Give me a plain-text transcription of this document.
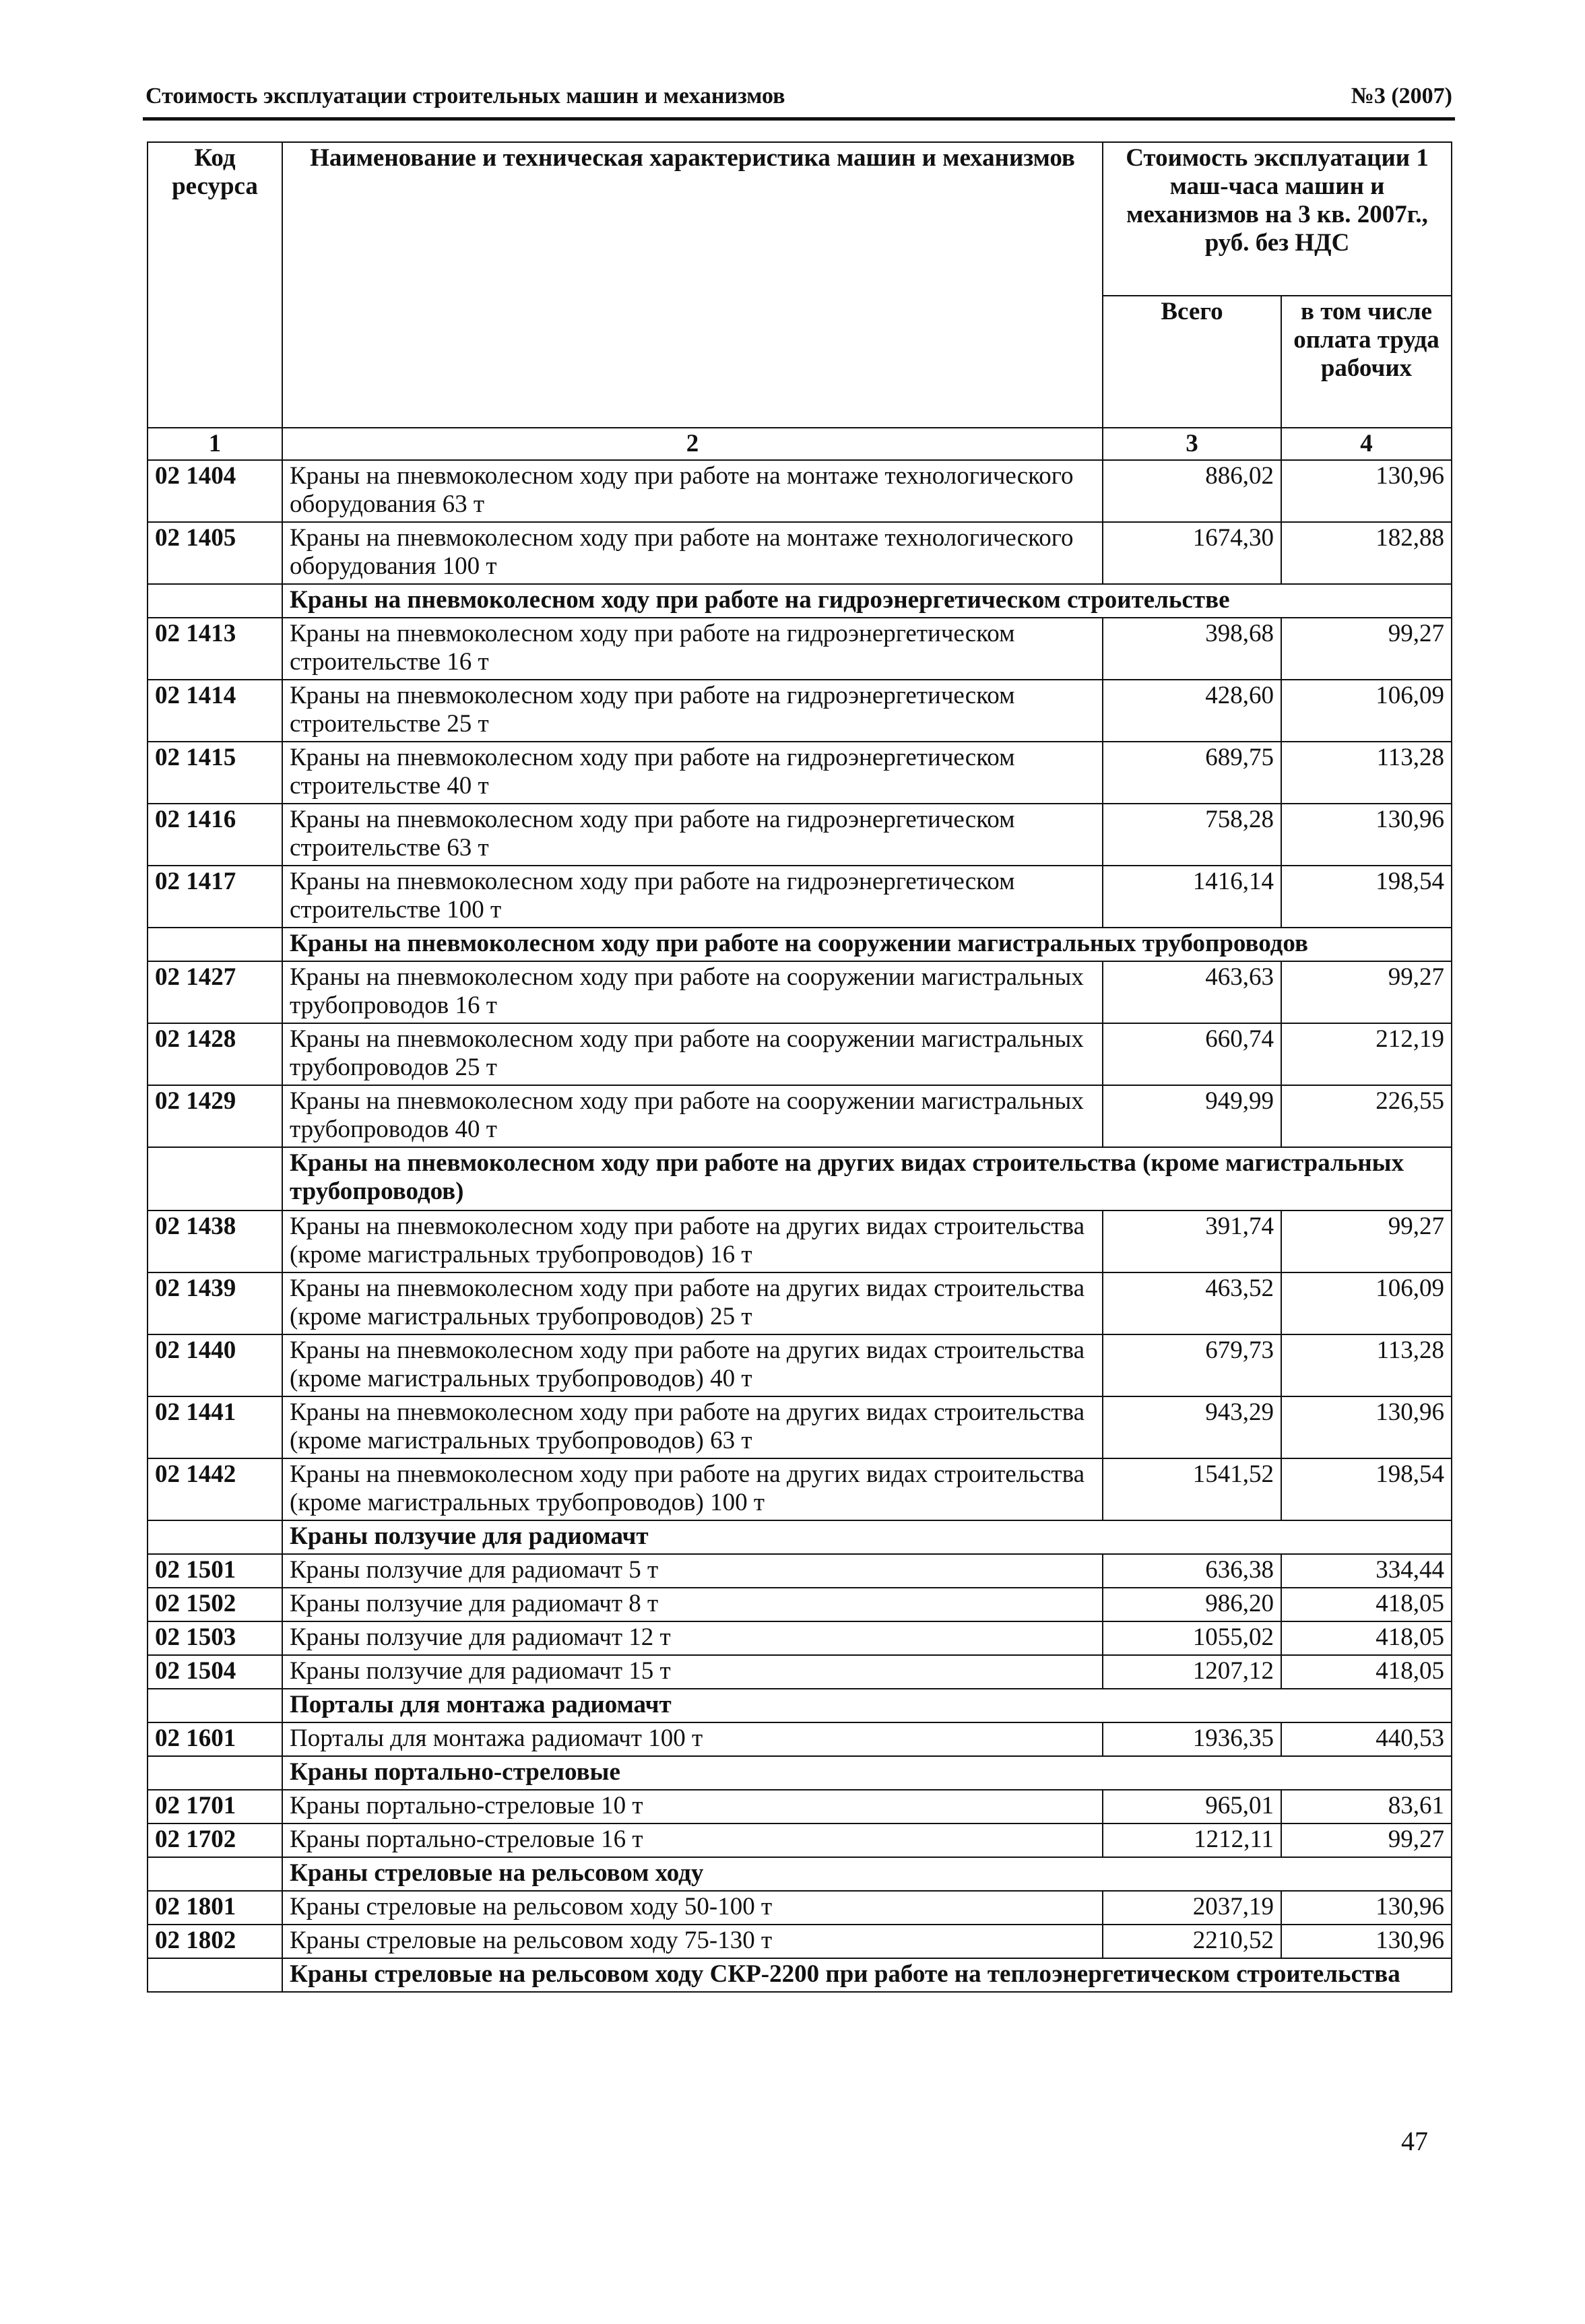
Стоимость эксплуатации строительных машин и механизмов	№3 (2007)
Код ресурса	Наименование и техническая характеристика машин и механизмов	Стоимость эксплуатации 1 маш-часа машин и механизмов на 3 кв. 2007г., руб. без НДС	
		Всего	в том числе оплата труда рабочих
1	2	3	4
02 1404	Краны на пневмоколесном ходу при работе на монтаже технологического оборудования 63 т	886,02	130,96
02 1405	Краны на пневмоколесном ходу при работе на монтаже технологического оборудования 100 т	1674,30	182,88
	Краны на пневмоколесном ходу при работе на гидроэнергетическом строительстве		
02 1413	Краны на пневмоколесном ходу при работе на гидроэнергетическом строительстве 16 т	398,68	99,27
02 1414	Краны на пневмоколесном ходу при работе на гидроэнергетическом строительстве 25 т	428,60	106,09
02 1415	Краны на пневмоколесном ходу при работе на гидроэнергетическом строительстве 40 т	689,75	113,28
02 1416	Краны на пневмоколесном ходу при работе на гидроэнергетическом строительстве 63 т	758,28	130,96
02 1417	Краны на пневмоколесном ходу при работе на гидроэнергетическом строительстве 100 т	1416,14	198,54
	Краны на пневмоколесном ходу при работе на сооружении магистральных трубопроводов		
02 1427	Краны на пневмоколесном ходу при работе на сооружении магистральных трубопроводов 16 т	463,63	99,27
02 1428	Краны на пневмоколесном ходу при работе на сооружении магистральных трубопроводов 25 т	660,74	212,19
02 1429	Краны на пневмоколесном ходу при работе на сооружении магистральных трубопроводов 40 т	949,99	226,55
	Краны на пневмоколесном ходу при работе на других видах строительства (кроме магистральных трубопроводов)		
02 1438	Краны на пневмоколесном ходу при работе на других видах строительства (кроме магистральных трубопроводов) 16 т	391,74	99,27
02 1439	Краны на пневмоколесном ходу при работе на других видах строительства (кроме магистральных трубопроводов) 25 т	463,52	106,09
02 1440	Краны на пневмоколесном ходу при работе на других видах строительства (кроме магистральных трубопроводов) 40 т	679,73	113,28
02 1441	Краны на пневмоколесном ходу при работе на других видах строительства (кроме магистральных трубопроводов) 63 т	943,29	130,96
02 1442	Краны на пневмоколесном ходу при работе на других видах строительства (кроме магистральных трубопроводов) 100 т	1541,52	198,54
	Краны ползучие для радиомачт		
02 1501	Краны ползучие для радиомачт 5 т	636,38	334,44
02 1502	Краны ползучие для радиомачт 8 т	986,20	418,05
02 1503	Краны ползучие для радиомачт 12 т	1055,02	418,05
02 1504	Краны ползучие для радиомачт 15 т	1207,12	418,05
	Порталы для монтажа радиомачт		
02 1601	Порталы для монтажа радиомачт 100 т	1936,35	440,53
	Краны портально-стреловые		
02 1701	Краны портально-стреловые 10 т	965,01	83,61
02 1702	Краны портально-стреловые 16 т	1212,11	99,27
	Краны стреловые на рельсовом ходу		
02 1801	Краны стреловые на рельсовом ходу 50-100 т	2037,19	130,96
02 1802	Краны стреловые на рельсовом ходу 75-130 т	2210,52	130,96
	Краны стреловые на рельсовом ходу СКР-2200 при работе на теплоэнергетическом строительства		
47
